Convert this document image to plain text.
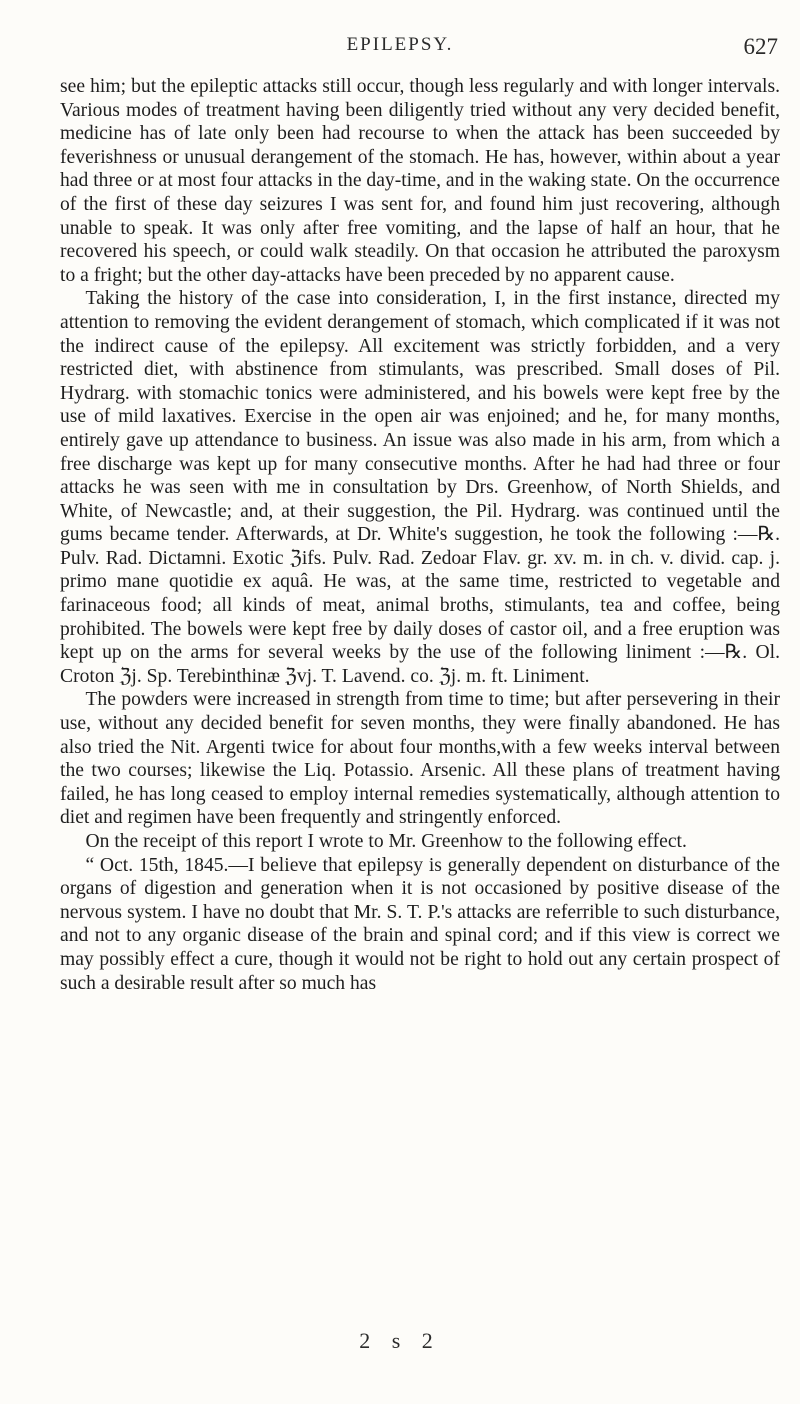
EPILEPSY.	627

see him; but the epileptic attacks still occur, though less regularly and with longer intervals. Various modes of treatment having been diligently tried without any very decided benefit, medicine has of late only been had recourse to when the attack has been succeeded by feverishness or unusual derangement of the stomach. He has, however, within about a year had three or at most four attacks in the day-time, and in the waking state. On the occurrence of the first of these day seizures I was sent for, and found him just recovering, although unable to speak. It was only after free vomiting, and the lapse of half an hour, that he recovered his speech, or could walk steadily. On that occasion he attributed the paroxysm to a fright; but the other day-attacks have been preceded by no apparent cause.

Taking the history of the case into consideration, I, in the first instance, directed my attention to removing the evident derangement of stomach, which complicated if it was not the indirect cause of the epilepsy. All excitement was strictly forbidden, and a very restricted diet, with abstinence from stimulants, was prescribed. Small doses of Pil. Hydrarg. with stomachic tonics were administered, and his bowels were kept free by the use of mild laxatives. Exercise in the open air was enjoined; and he, for many months, entirely gave up attendance to business. An issue was also made in his arm, from which a free discharge was kept up for many consecutive months. After he had had three or four attacks he was seen with me in consultation by Drs. Greenhow, of North Shields, and White, of Newcastle; and, at their suggestion, the Pil. Hydrarg. was continued until the gums became tender. Afterwards, at Dr. White's suggestion, he took the following :—℞. Pulv. Rad. Dictamni. Exotic ℨifs. Pulv. Rad. Zedoar Flav. gr. xv. m. in ch. v. divid. cap. j. primo mane quotidie ex aquâ. He was, at the same time, restricted to vegetable and farinaceous food; all kinds of meat, animal broths, stimulants, tea and coffee, being prohibited. The bowels were kept free by daily doses of castor oil, and a free eruption was kept up on the arms for several weeks by the use of the following liniment :—℞. Ol. Croton ℨj. Sp. Terebinthinæ ℨvj. T. Lavend. co. ℨj. m. ft. Liniment.

The powders were increased in strength from time to time; but after persevering in their use, without any decided benefit for seven months, they were finally abandoned. He has also tried the Nit. Argenti twice for about four months,with a few weeks interval between the two courses; likewise the Liq. Potassio. Arsenic. All these plans of treatment having failed, he has long ceased to employ internal remedies systematically, although attention to diet and regimen have been frequently and stringently enforced.

On the receipt of this report I wrote to Mr. Greenhow to the following effect.

“ Oct. 15th, 1845.—I believe that epilepsy is generally dependent on disturbance of the organs of digestion and generation when it is not occasioned by positive disease of the nervous system. I have no doubt that Mr. S. T. P.'s attacks are referrible to such disturbance, and not to any organic disease of the brain and spinal cord; and if this view is correct we may possibly effect a cure, though it would not be right to hold out any certain prospect of such a desirable result after so much has

2 s 2
